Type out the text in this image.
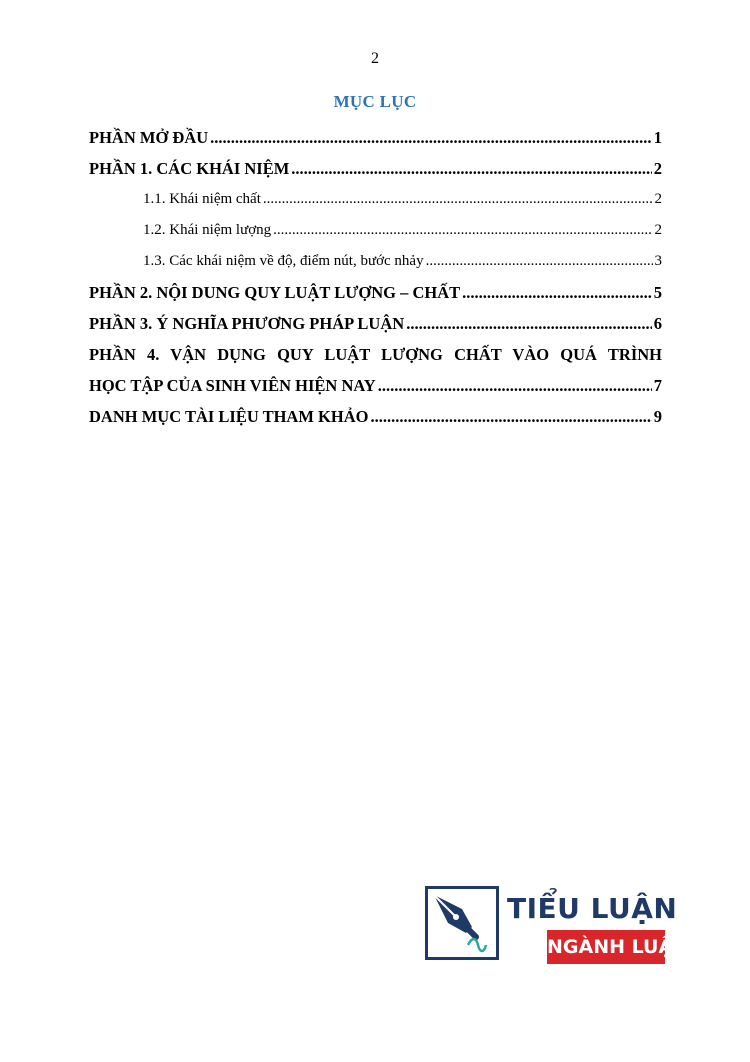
2
MỤC LỤC
PHẦN MỞ ĐẦU .....	1
PHẦN 1. CÁC KHÁI NIỆM .....	2
1.1. Khái niệm chất .....	2
1.2. Khái niệm lượng .....	2
1.3. Các khái niệm về độ, điểm nút, bước nhảy .....	3
PHẦN 2. NỘI DUNG QUY LUẬT LƯỢNG – CHẤT .....	5
PHẦN 3. Ý NGHĨA PHƯƠNG PHÁP LUẬN .....	6
PHẦN 4. VẬN DỤNG QUY LUẬT LƯỢNG CHẤT VÀO QUÁ TRÌNH
HỌC TẬP CỦA SINH VIÊN HIỆN NAY .....	7
DANH MỤC TÀI LIỆU THAM KHẢO .....	9
TIỂU LUẬN
NGÀNH LUẬT
